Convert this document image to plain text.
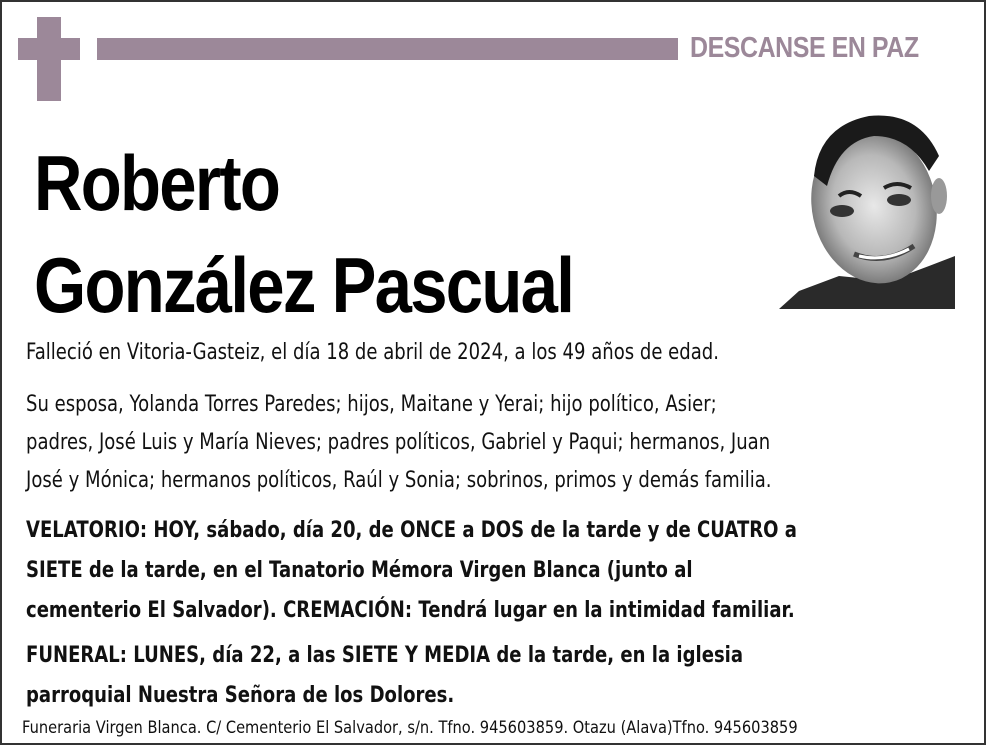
DESCANSE EN PAZ
Roberto
González Pascual
Falleció en Vitoria-Gasteiz, el día 18 de abril de 2024, a los 49 años de edad.
Su esposa, Yolanda Torres Paredes; hijos, Maitane y Yerai; hijo político, Asier;
padres, José Luis y María Nieves; padres políticos, Gabriel y Paqui; hermanos, Juan
José y Mónica; hermanos políticos, Raúl y Sonia; sobrinos, primos y demás familia.
VELATORIO: HOY, sábado, día 20, de ONCE a DOS de la tarde y de CUATRO a
SIETE de la tarde, en el Tanatorio Mémora Virgen Blanca (junto al
cementerio El Salvador). CREMACIÓN: Tendrá lugar en la intimidad familiar.
FUNERAL: LUNES, día 22, a las SIETE Y MEDIA de la tarde, en la iglesia
parroquial Nuestra Señora de los Dolores.
Funeraria Virgen Blanca. C/ Cementerio El Salvador, s/n. Tfno. 945603859. Otazu (Alava)Tfno. 945603859
